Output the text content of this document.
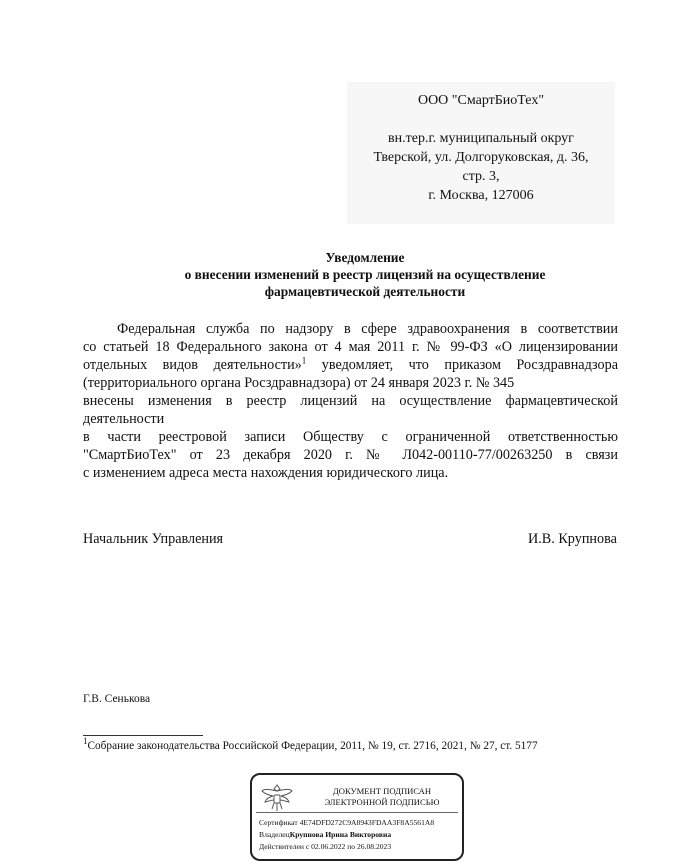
ООО "СмартБиоТех"
вн.тер.г. муниципальный округ
Тверской, ул. Долгоруковская, д. 36,
стр. 3,
г. Москва, 127006
Уведомление
о внесении изменений в реестр лицензий на осуществление
фармацевтической деятельности
Федеральная служба по надзору в сфере здравоохранения в соответствии
со статьей 18 Федерального закона от 4 мая 2011 г. № 99-ФЗ «О лицензировании
отдельных видов деятельности»$^1$ уведомляет, что приказом Росздравнадзора
(территориального органа Росздравнадзора) от 24 января 2023 г. № 345
внесены изменения в реестр лицензий на осуществление фармацевтической
деятельности
в части реестровой записи Обществу с ограниченной ответственностью
"СмартБиоТех" от 23 декабря 2020 г. № Л042-00110-77/00263250 в связи
с изменением адреса места нахождения юридического лица.
Начальник Управления	И.В. Крупнова
Г.В. Сенькова
$^1$Собрание законодательства Российской Федерации, 2011, № 19, ст. 2716, 2021, № 27, ст. 5177
ДОКУМЕНТ ПОДПИСАН
ЭЛЕКТРОННОЙ ПОДПИСЬЮ
Сертификат 4E74DFD272C9A8943FDAA3F8A5561A8
ВладелецКрупнова Ирина Викторовна
Действителен с 02.06.2022 по 26.08.2023
